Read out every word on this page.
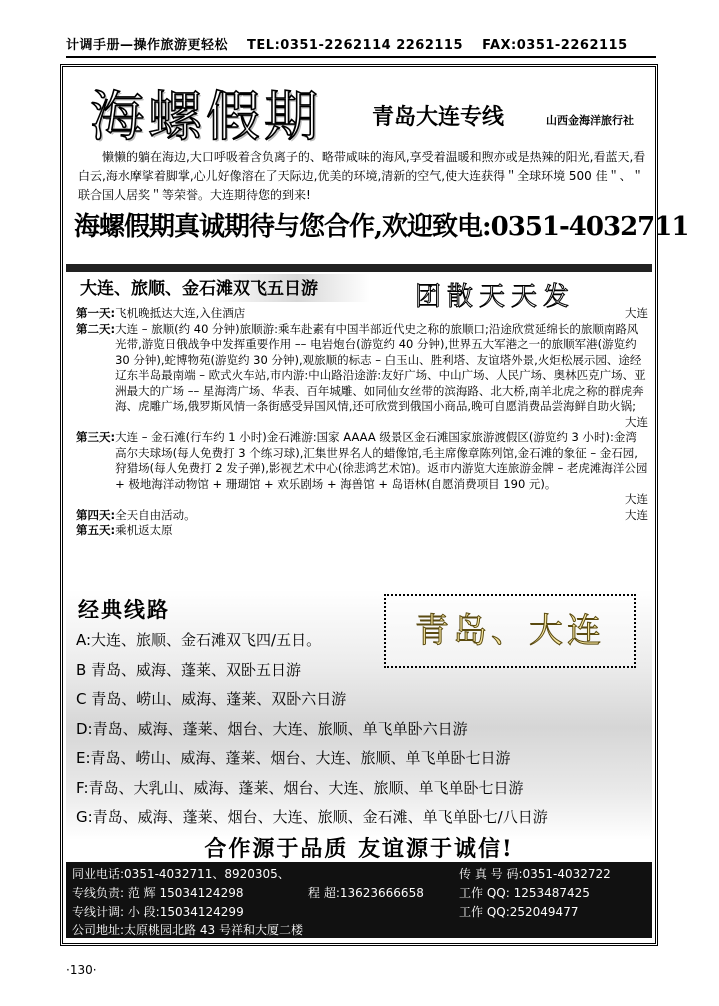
计调手册—操作旅游更轻松 TEL:0351-2262114 2262115 FAX:0351-2262115
海螺假期 青岛大连专线	山西金海洋旅行社
懒懒的躺在海边,大口呼吸着含负离子的、略带咸味的海风,享受着温暖和煦亦或是热辣的阳光,看蓝天,看白云,海水摩挲着脚掌,心儿好像溶在了天际边,优美的环境,清新的空气,使大连获得＂全球环境 500 佳＂、＂联合国人居奖＂等荣誉。大连期待您的到来!
海螺假期真诚期待与您合作,欢迎致电:0351-4032711
大连、旅顺、金石滩双飞五日游	团散天天发
第一天: 飞机晚抵达大连,入住酒店	大连
第二天: 大连 – 旅顺(约 40 分钟)旅顺游:乘车赴素有中国半部近代史之称的旅顺口;沿途欣赏延绵长的旅顺南路风光带,游览日俄战争中发挥重要作用 –– 电岩炮台(游览约 40 分钟),世界五大军港之一的旅顺军港(游览约 30 分钟),蛇博物苑(游览约 30 分钟),观旅顺的标志 – 白玉山、胜利塔、友谊塔外景,火炬松展示园、途经辽东半岛最南端 – 欧式火车站,市内游:中山路沿途游:友好广场、中山广场、人民广场、奥林匹克广场、亚洲最大的广场 –– 星海湾广场、华表、百年城雕、如同仙女丝带的滨海路、北大桥,南羊北虎之称的群虎奔海、虎雕广场,俄罗斯风情一条街感受异国风情,还可欣赏到俄国小商品,晚可自愿消费品尝海鲜自助火锅;
大连
第三天: 大连 – 金石滩(行车约 1 小时)金石滩游:国家 AAAA 级景区金石滩国家旅游渡假区(游览约 3 小时):金湾高尔夫球场(每人免费打 3 个练习球),汇集世界名人的蜡像馆,毛主席像章陈列馆,金石滩的象征 – 金石园,狩猎场(每人免费打 2 发子弹),影视艺术中心(徐悲鸿艺术馆)。返市内游览大连旅游金牌 – 老虎滩海洋公园 + 极地海洋动物馆 + 珊瑚馆 + 欢乐剧场 + 海兽馆 + 岛语林(自愿消费项目 190 元)。
大连
第四天: 全天自由活动。	大连
第五天: 乘机返太原
经典线路
青岛、大连
A:大连、旅顺、金石滩双飞四/五日。
B 青岛、威海、蓬莱、双卧五日游
C 青岛、崂山、威海、蓬莱、双卧六日游
D:青岛、威海、蓬莱、烟台、大连、旅顺、单飞单卧六日游
E:青岛、崂山、威海、蓬莱、烟台、大连、旅顺、单飞单卧七日游
F:青岛、大乳山、威海、蓬莱、烟台、大连、旅顺、单飞单卧七日游
G:青岛、威海、蓬莱、烟台、大连、旅顺、金石滩、单飞单卧七/八日游
合作源于品质 友谊源于诚信!
同业电话:0351-4032711、8920305、	传 真 号 码:0351-4032722
专线负责: 范 辉 15034124298	程 超:13623666658	工作 QQ: 1253487425
专线计调: 小 段:15034124299	工作 QQ:252049477
公司地址:太原桃园北路 43 号祥和大厦二楼
·130·
